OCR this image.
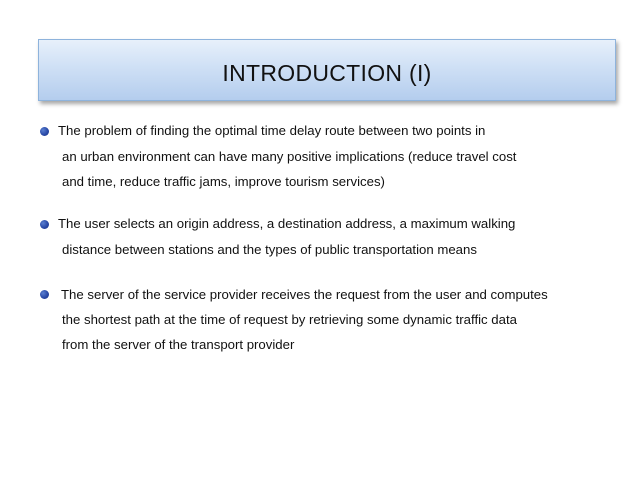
INTRODUCTION (I)
The problem of finding the optimal time delay route between two points in
an urban environment can have many positive implications (reduce travel cost
and time, reduce traffic jams, improve tourism services)
The user selects an origin address, a destination address, a maximum walking
distance between stations and the types of public transportation means
The server of the service provider receives the request from the user and computes
the shortest path at the time of request by retrieving some dynamic traffic data
from the server of the transport provider
